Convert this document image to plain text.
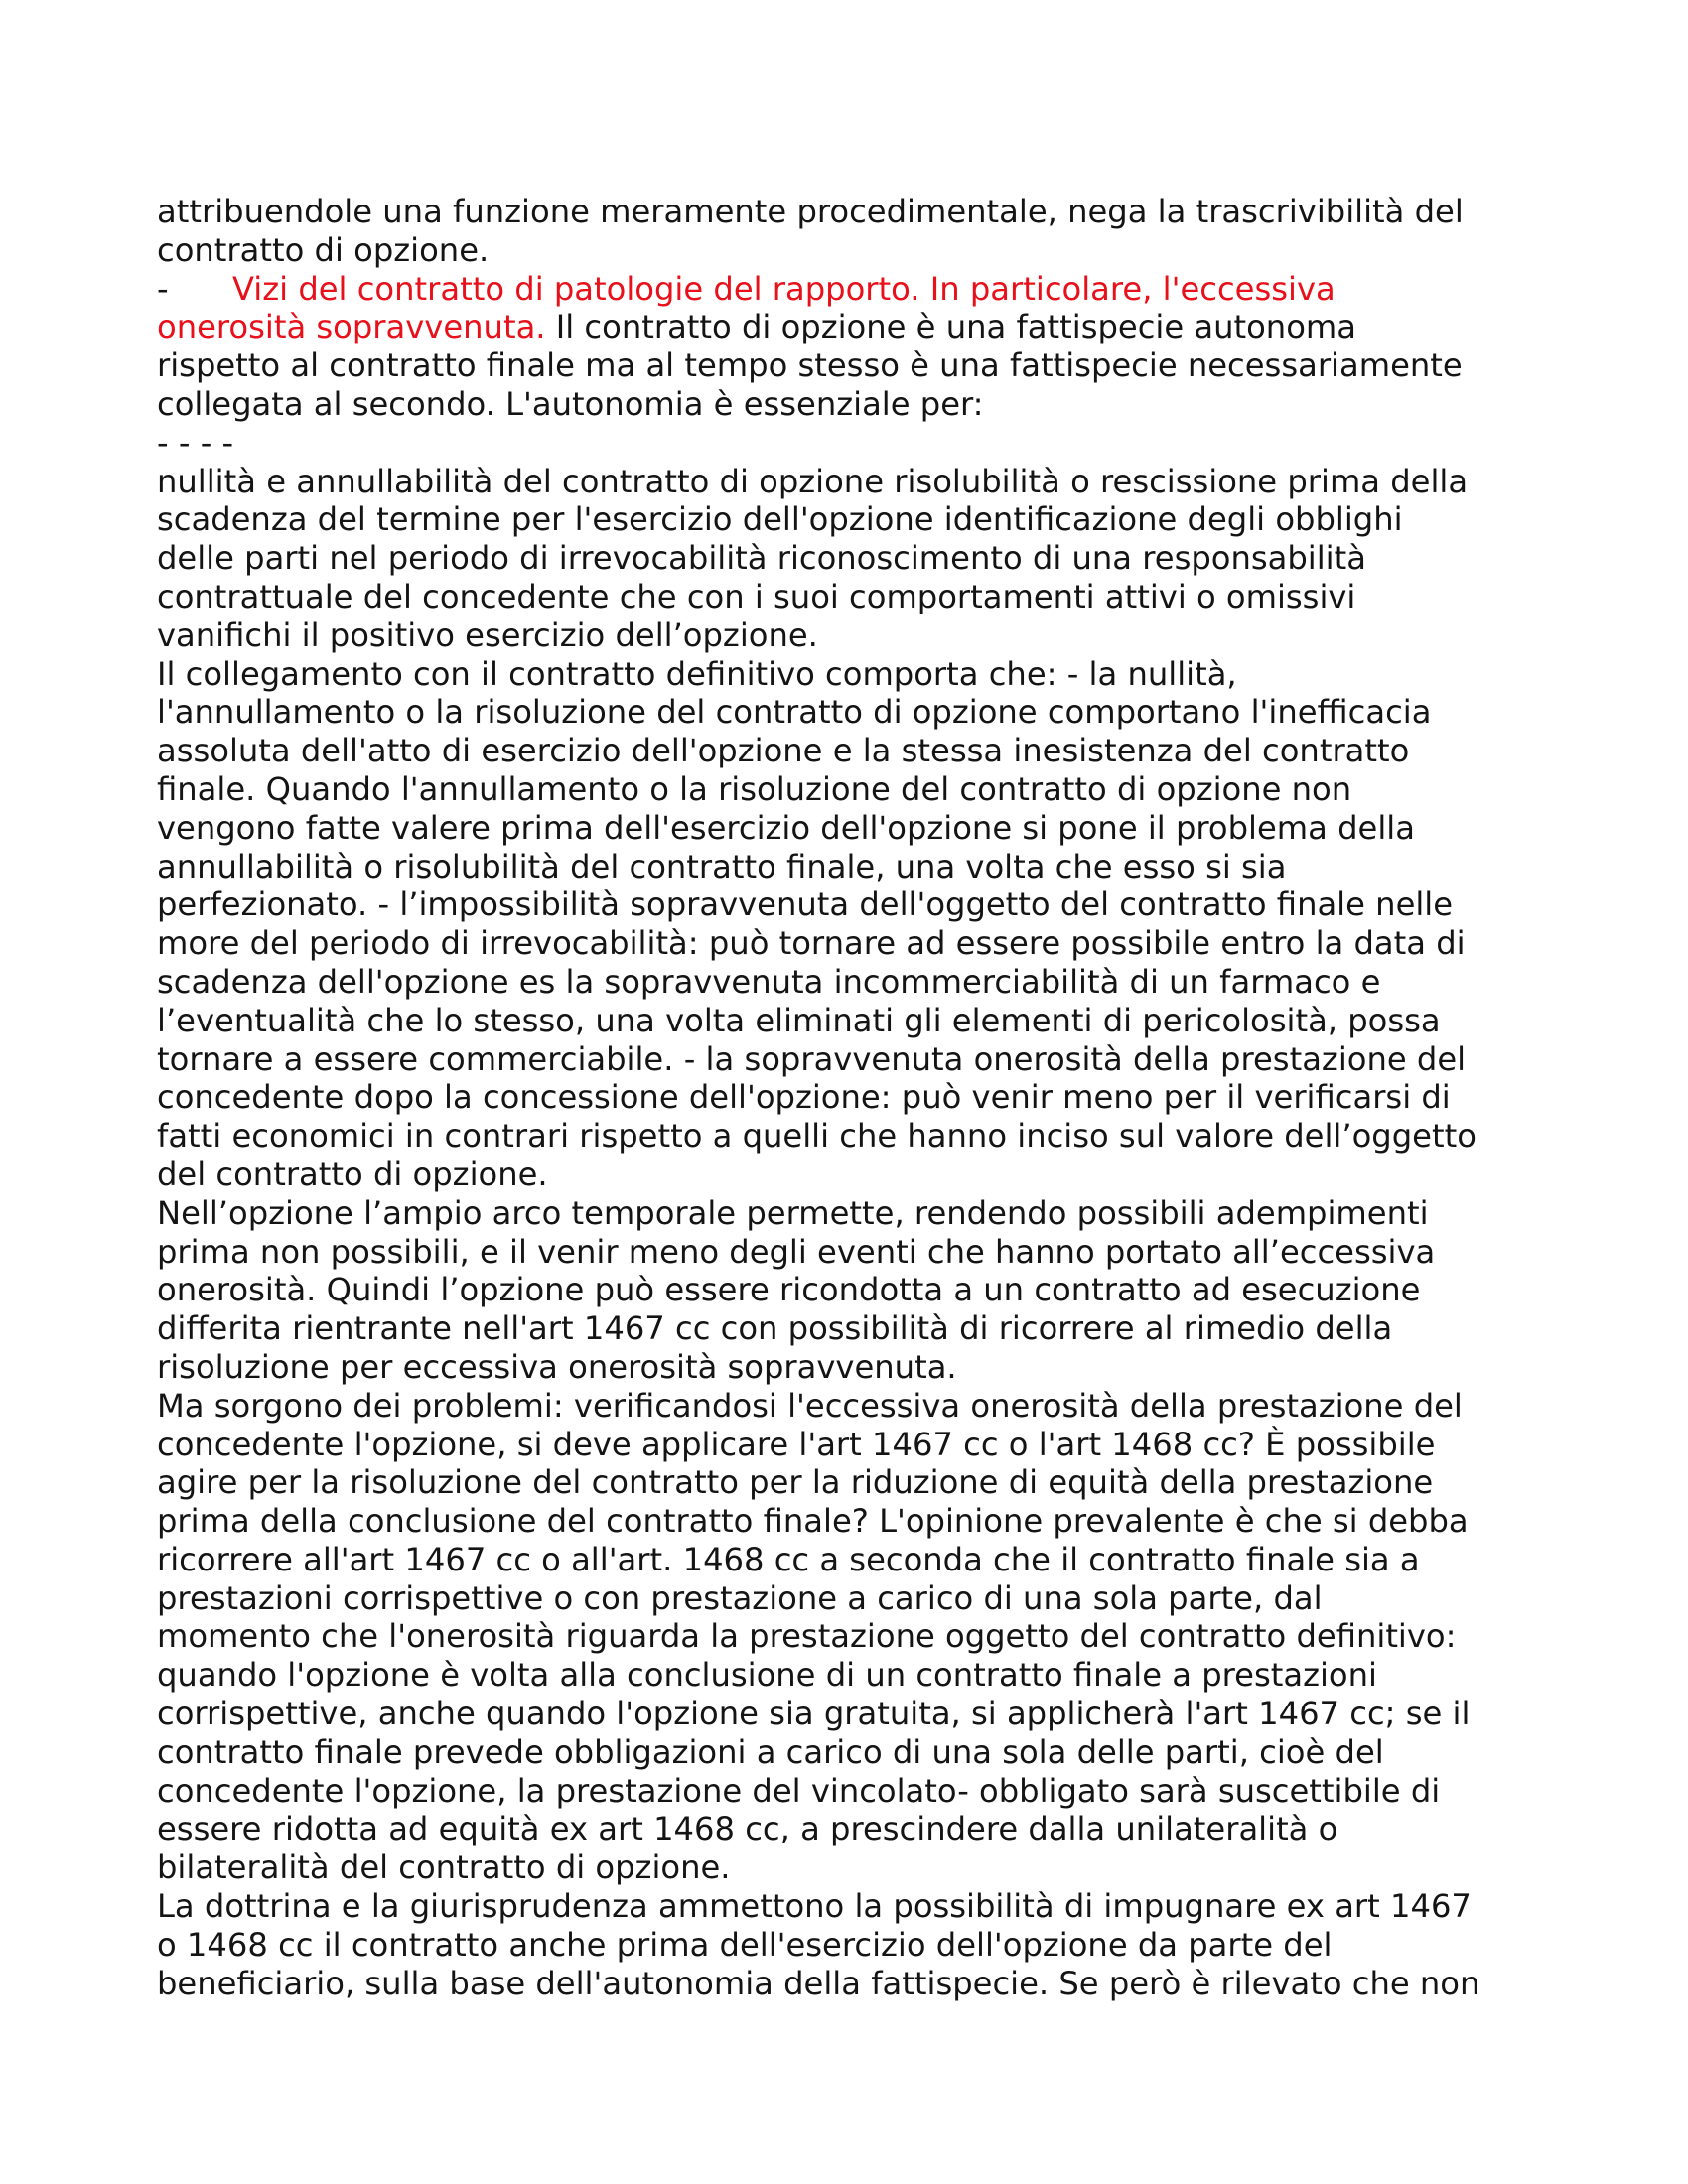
attribuendole una funzione meramente procedimentale, nega la trascrivibilità del
contratto di opzione.
- Vizi del contratto di patologie del rapporto. In particolare, l'eccessiva
onerosità sopravvenuta. Il contratto di opzione è una fattispecie autonoma
rispetto al contratto finale ma al tempo stesso è una fattispecie necessariamente
collegata al secondo. L'autonomia è essenziale per:
- - - -
nullità e annullabilità del contratto di opzione risolubilità o rescissione prima della
scadenza del termine per l'esercizio dell'opzione identificazione degli obblighi
delle parti nel periodo di irrevocabilità riconoscimento di una responsabilità
contrattuale del concedente che con i suoi comportamenti attivi o omissivi
vanifichi il positivo esercizio dell’opzione.
Il collegamento con il contratto definitivo comporta che: - la nullità,
l'annullamento o la risoluzione del contratto di opzione comportano l'inefficacia
assoluta dell'atto di esercizio dell'opzione e la stessa inesistenza del contratto
finale. Quando l'annullamento o la risoluzione del contratto di opzione non
vengono fatte valere prima dell'esercizio dell'opzione si pone il problema della
annullabilità o risolubilità del contratto finale, una volta che esso si sia
perfezionato. - l’impossibilità sopravvenuta dell'oggetto del contratto finale nelle
more del periodo di irrevocabilità: può tornare ad essere possibile entro la data di
scadenza dell'opzione es la sopravvenuta incommerciabilità di un farmaco e
l’eventualità che lo stesso, una volta eliminati gli elementi di pericolosità, possa
tornare a essere commerciabile. - la sopravvenuta onerosità della prestazione del
concedente dopo la concessione dell'opzione: può venir meno per il verificarsi di
fatti economici in contrari rispetto a quelli che hanno inciso sul valore dell’oggetto
del contratto di opzione.
Nell’opzione l’ampio arco temporale permette, rendendo possibili adempimenti
prima non possibili, e il venir meno degli eventi che hanno portato all’eccessiva
onerosità. Quindi l’opzione può essere ricondotta a un contratto ad esecuzione
differita rientrante nell'art 1467 cc con possibilità di ricorrere al rimedio della
risoluzione per eccessiva onerosità sopravvenuta.
Ma sorgono dei problemi: verificandosi l'eccessiva onerosità della prestazione del
concedente l'opzione, si deve applicare l'art 1467 cc o l'art 1468 cc? È possibile
agire per la risoluzione del contratto per la riduzione di equità della prestazione
prima della conclusione del contratto finale? L'opinione prevalente è che si debba
ricorrere all'art 1467 cc o all'art. 1468 cc a seconda che il contratto finale sia a
prestazioni corrispettive o con prestazione a carico di una sola parte, dal
momento che l'onerosità riguarda la prestazione oggetto del contratto definitivo:
quando l'opzione è volta alla conclusione di un contratto finale a prestazioni
corrispettive, anche quando l'opzione sia gratuita, si applicherà l'art 1467 cc; se il
contratto finale prevede obbligazioni a carico di una sola delle parti, cioè del
concedente l'opzione, la prestazione del vincolato- obbligato sarà suscettibile di
essere ridotta ad equità ex art 1468 cc, a prescindere dalla unilateralità o
bilateralità del contratto di opzione.
La dottrina e la giurisprudenza ammettono la possibilità di impugnare ex art 1467
o 1468 cc il contratto anche prima dell'esercizio dell'opzione da parte del
beneficiario, sulla base dell'autonomia della fattispecie. Se però è rilevato che non
